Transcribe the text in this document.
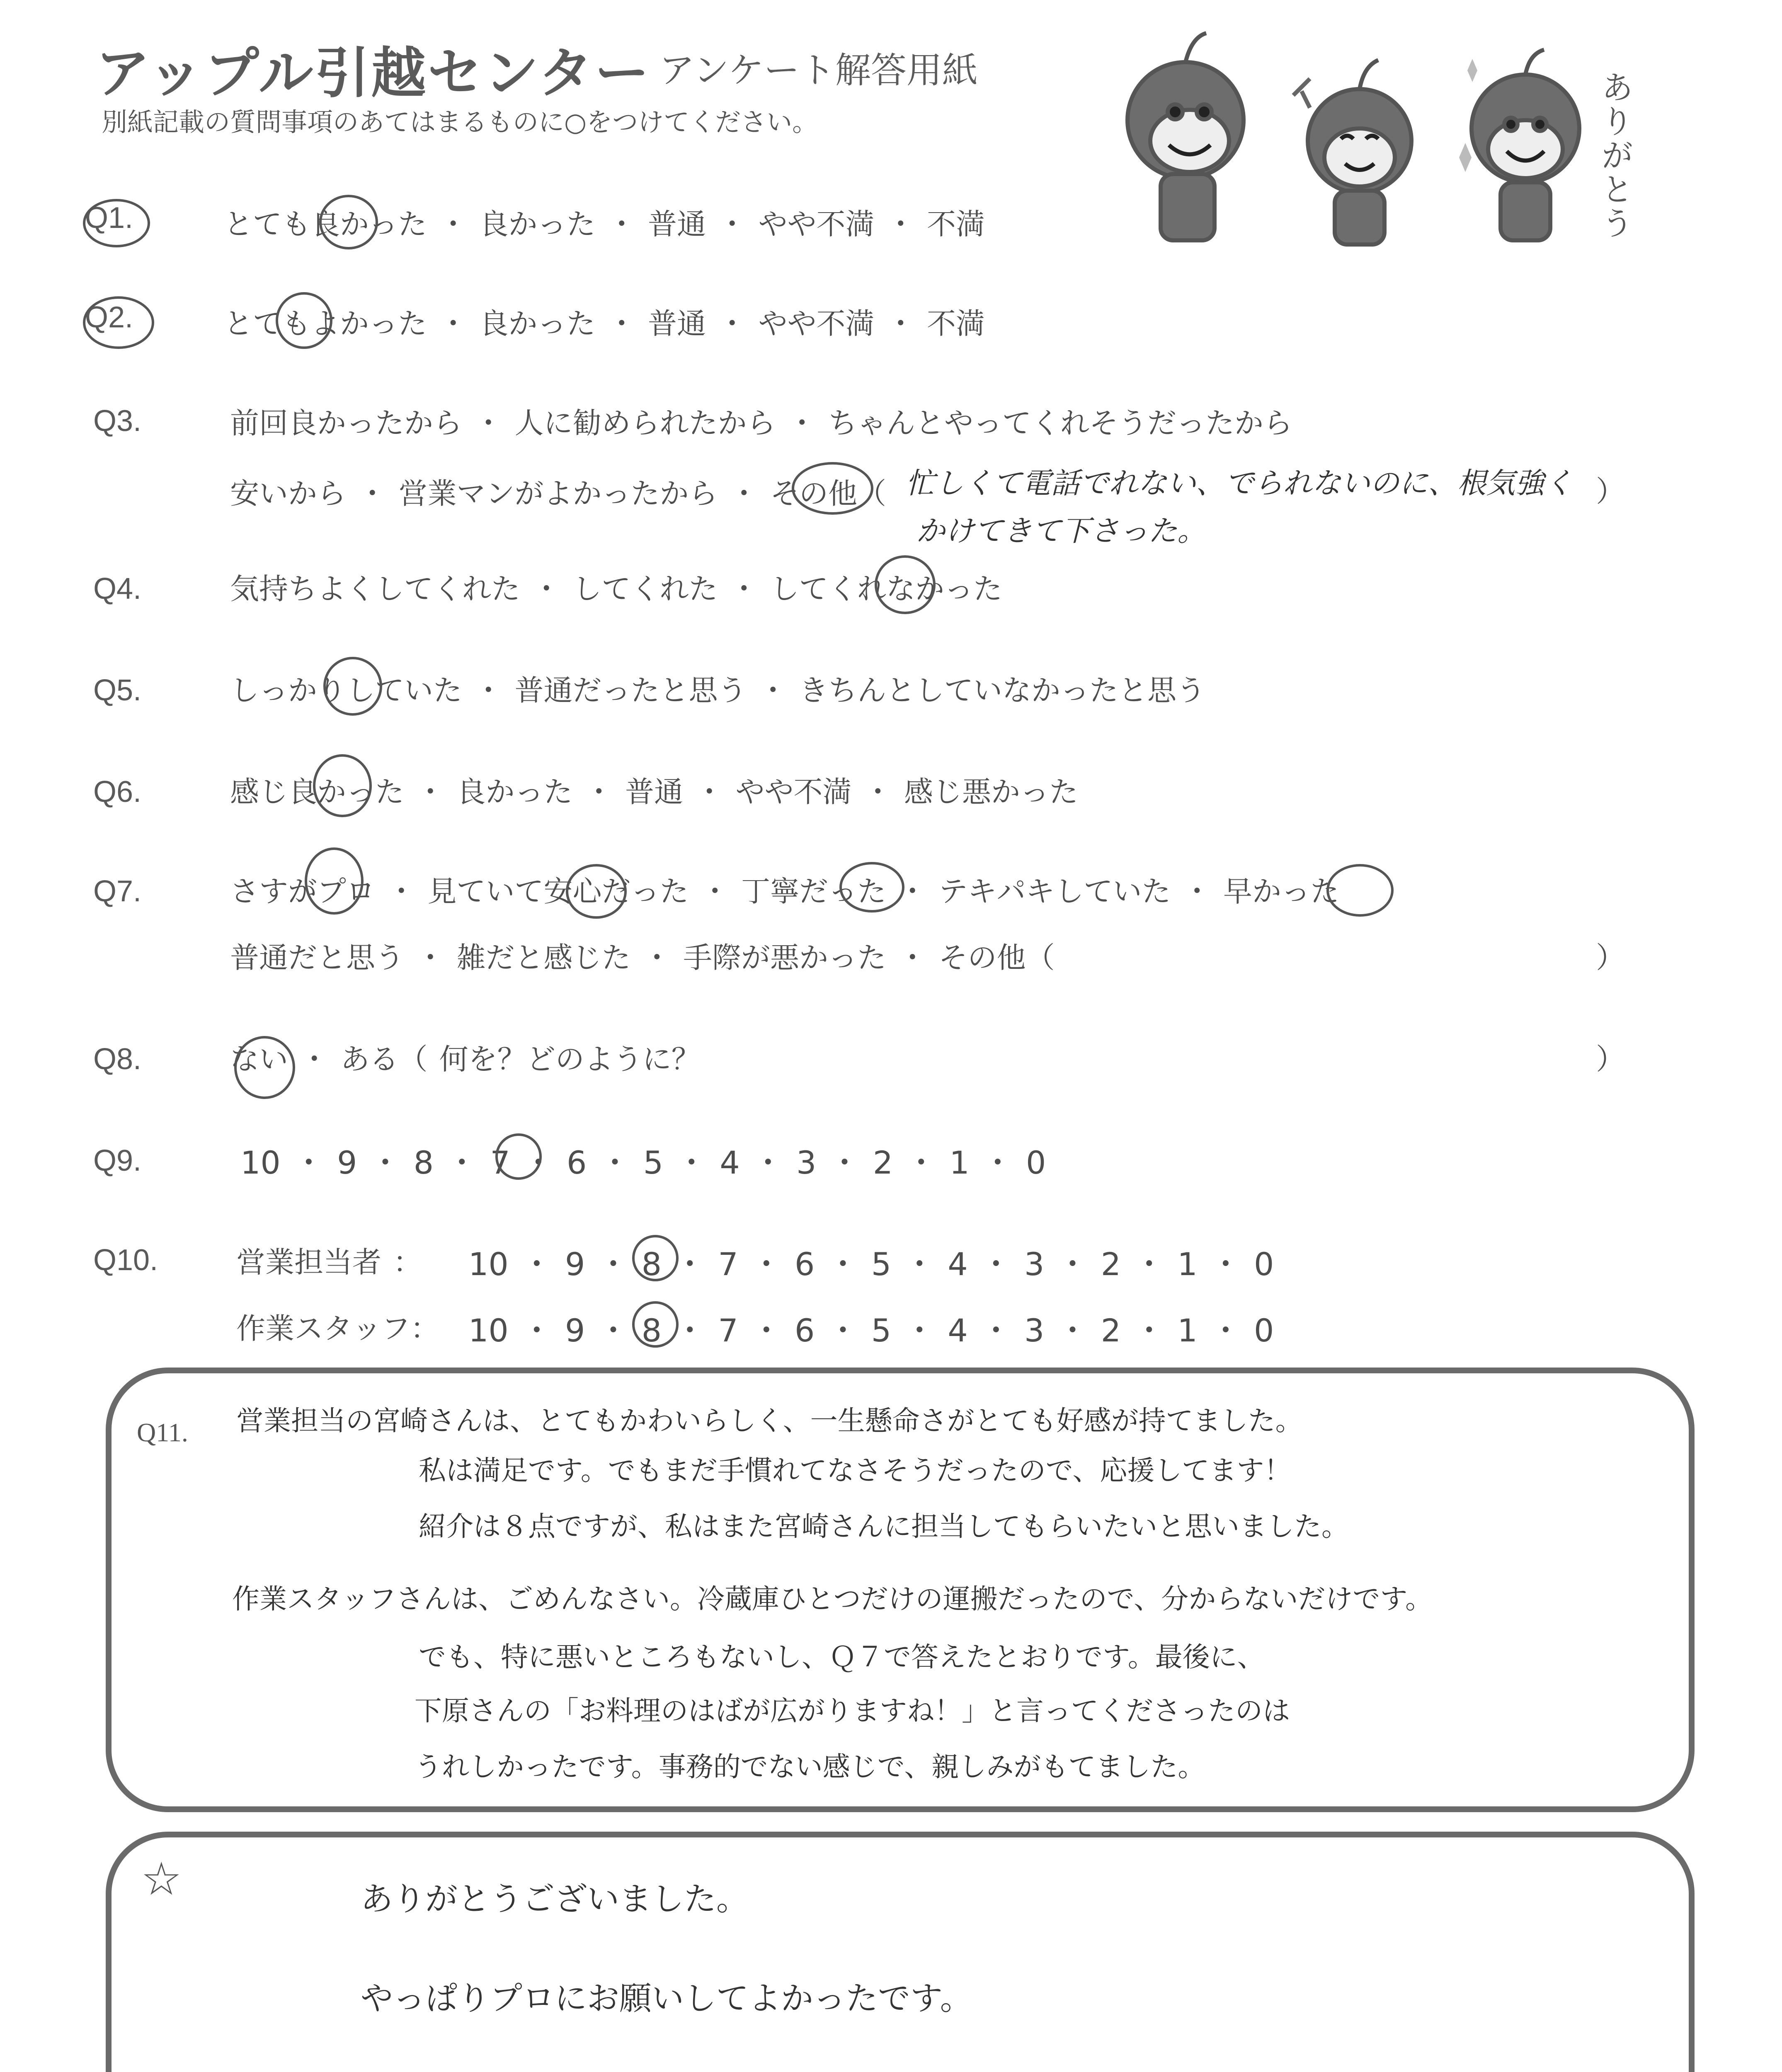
アップル引越センター アンケート解答用紙
別紙記載の質問事項のあてはまるものに○をつけてください。	ありがとう
Q1.	とても良かった ・ 良かった ・ 普通 ・ やや不満 ・ 不満
Q2.	とてもよかった ・ 良かった ・ 普通 ・ やや不満 ・ 不満
Q3.	前回良かったから ・ 人に勧められたから ・ ちゃんとやってくれそうだったから
安いから ・ 営業マンがよかったから ・ その他（ 忙しくて電話でれない、でられないのに、根気強く ）
かけてきて下さった。
Q4.	気持ちよくしてくれた ・ してくれた ・ してくれなかった
Q5.	しっかりしていた ・ 普通だったと思う ・ きちんとしていなかったと思う
Q6.	感じ良かった ・ 良かった ・ 普通 ・ やや不満 ・ 感じ悪かった
Q7.	さすがプロ ・ 見ていて安心だった ・ 丁寧だった ・ テキパキしていた ・ 早かった
普通だと思う ・ 雑だと感じた ・ 手際が悪かった ・ その他（	）
Q8.	ない ・ ある（ 何を？どのように？	）
Q9.	10 ・ 9 ・ 8 ・ 7 ・ 6 ・ 5 ・ 4 ・ 3 ・ 2 ・ 1 ・ 0
Q10.	営業担当者 ： 10 ・ 9 ・ 8 ・ 7 ・ 6 ・ 5 ・ 4 ・ 3 ・ 2 ・ 1 ・ 0
作業スタッフ： 10 ・ 9 ・ 8 ・ 7 ・ 6 ・ 5 ・ 4 ・ 3 ・ 2 ・ 1 ・ 0
Q11. 営業担当の宮崎さんは、とてもかわいらしく、一生懸命さがとても好感が持てました。
私は満足です。でもまだ手慣れてなさそうだったので、応援してます！
紹介は８点ですが、私はまた宮崎さんに担当してもらいたいと思いました。
作業スタッフさんは、ごめんなさい。冷蔵庫ひとつだけの運搬だったので、分からないだけです。
でも、特に悪いところもないし、Ｑ７で答えたとおりです。最後に、
下原さんの「お料理のはばが広がりますね！」と言ってくださったのは
うれしかったです。事務的でない感じで、親しみがもてました。
☆	ありがとうございました。
やっぱりプロにお願いしてよかったです。
